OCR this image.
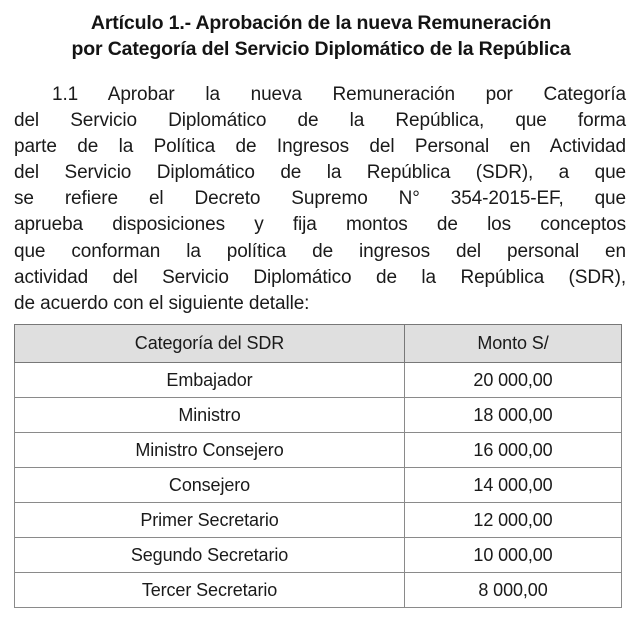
Artículo 1.- Aprobación de la nueva Remuneración
por Categoría del Servicio Diplomático de la República

1.1 Aprobar la nueva Remuneración por Categoría
del Servicio Diplomático de la República, que forma
parte de la Política de Ingresos del Personal en Actividad
del Servicio Diplomático de la República (SDR), a que
se refiere el Decreto Supremo N° 354-2015-EF, que
aprueba disposiciones y fija montos de los conceptos
que conforman la política de ingresos del personal en
actividad del Servicio Diplomático de la República (SDR),
de acuerdo con el siguiente detalle:

Categoría del SDR	Monto S/
Embajador	20 000,00
Ministro	18 000,00
Ministro Consejero	16 000,00
Consejero	14 000,00
Primer Secretario	12 000,00
Segundo Secretario	10 000,00
Tercer Secretario	8 000,00
